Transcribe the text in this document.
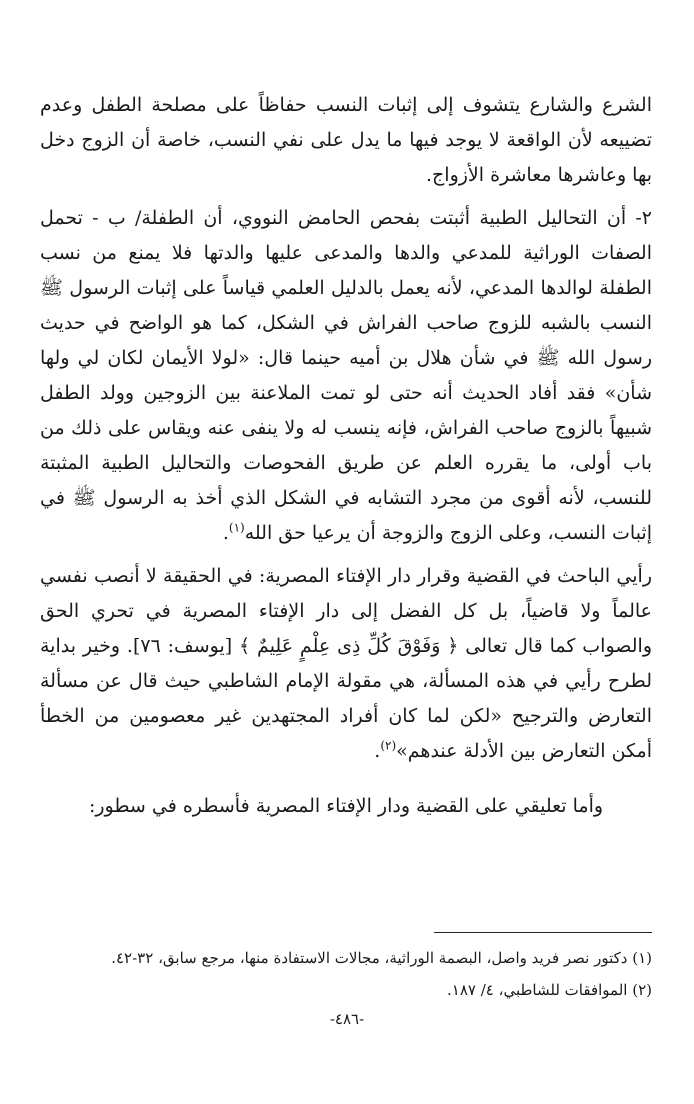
الشرع والشارع يتشوف إلى إثبات النسب حفاظاً على مصلحة الطفل وعدم تضييعه لأن الواقعة لا يوجد فيها ما يدل على نفي النسب، خاصة أن الزوج دخل بها وعاشرها معاشرة الأزواج.

٢- أن التحاليل الطبية أثبتت بفحص الحامض النووي، أن الطفلة/ ب - تحمل الصفات الوراثية للمدعي والدها والمدعى عليها والدتها فلا يمنع من نسب الطفلة لوالدها المدعي، لأنه يعمل بالدليل العلمي قياساً على إثبات الرسول ﷺ النسب بالشبه للزوج صاحب الفراش في الشكل، كما هو الواضح في حديث رسول الله ﷺ في شأن هلال بن أميه حينما قال: «لولا الأيمان لكان لي ولها شأن» فقد أفاد الحديث أنه حتى لو تمت الملاعنة بين الزوجين وولد الطفل شبيهاً بالزوج صاحب الفراش، فإنه ينسب له ولا ينفى عنه ويقاس على ذلك من باب أولى، ما يقرره العلم عن طريق الفحوصات والتحاليل الطبية المثبتة للنسب، لأنه أقوى من مجرد التشابه في الشكل الذي أخذ به الرسول ﷺ في إثبات النسب، وعلى الزوج والزوجة أن يرعيا حق الله$^{(١)}$.

رأيي الباحث في القضية وقرار دار الإفتاء المصرية: في الحقيقة لا أنصب نفسي عالماً ولا قاضياً، بل كل الفضل إلى دار الإفتاء المصرية في تحري الحق والصواب كما قال تعالى ﴿ وَفَوْقَ كُلِّ ذِى عِلْمٍ عَلِيمٌ ﴾ [يوسف: ٧٦]. وخير بداية لطرح رأيي في هذه المسألة، هي مقولة الإمام الشاطبي حيث قال عن مسألة التعارض والترجيح «لكن لما كان أفراد المجتهدين غير معصومين من الخطأ أمكن التعارض بين الأدلة عندهم»$^{(٢)}$.

وأما تعليقي على القضية ودار الإفتاء المصرية فأسطره في سطور:

(١) دكتور نصر فريد واصل، البصمة الوراثية، مجالات الاستفادة منها، مرجع سابق، ٣٢-٤٢.

(٢) الموافقات للشاطبي، ٤/ ١٨٧.

-٤٨٦-
